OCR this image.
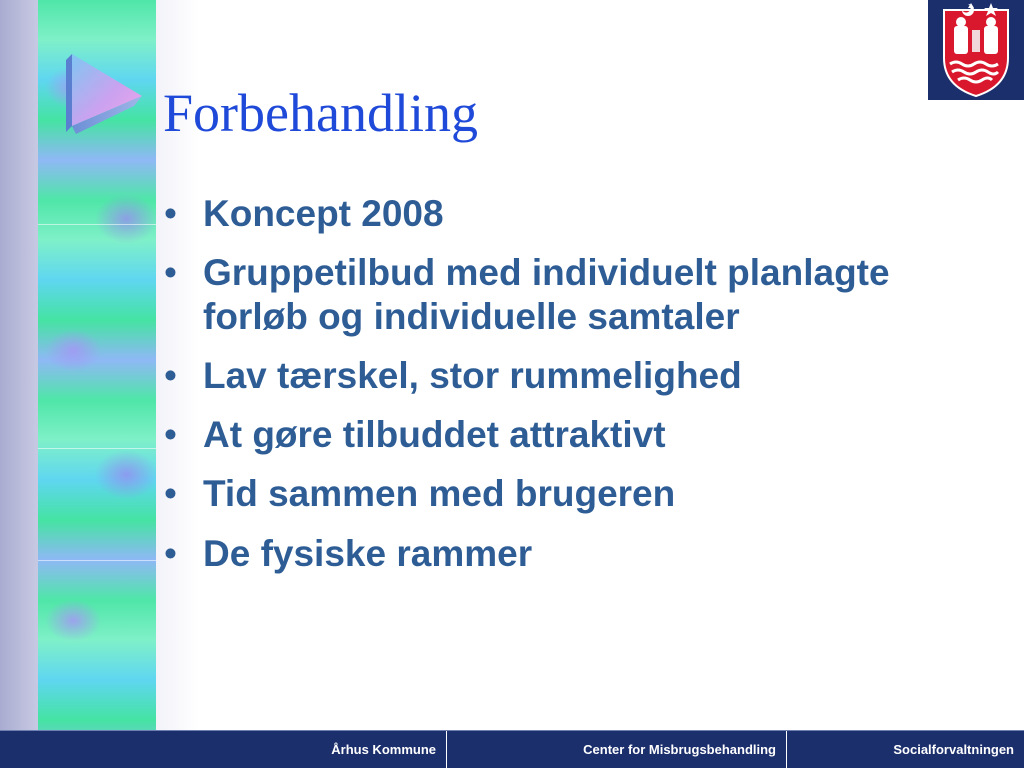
Forbehandling
• Koncept 2008
• Gruppetilbud med individuelt planlagte forløb og individuelle samtaler
• Lav tærskel, stor rummelighed
• At gøre tilbuddet attraktivt
• Tid sammen med brugeren
• De fysiske rammer
Århus Kommune	Center for Misbrugsbehandling	Socialforvaltningen
